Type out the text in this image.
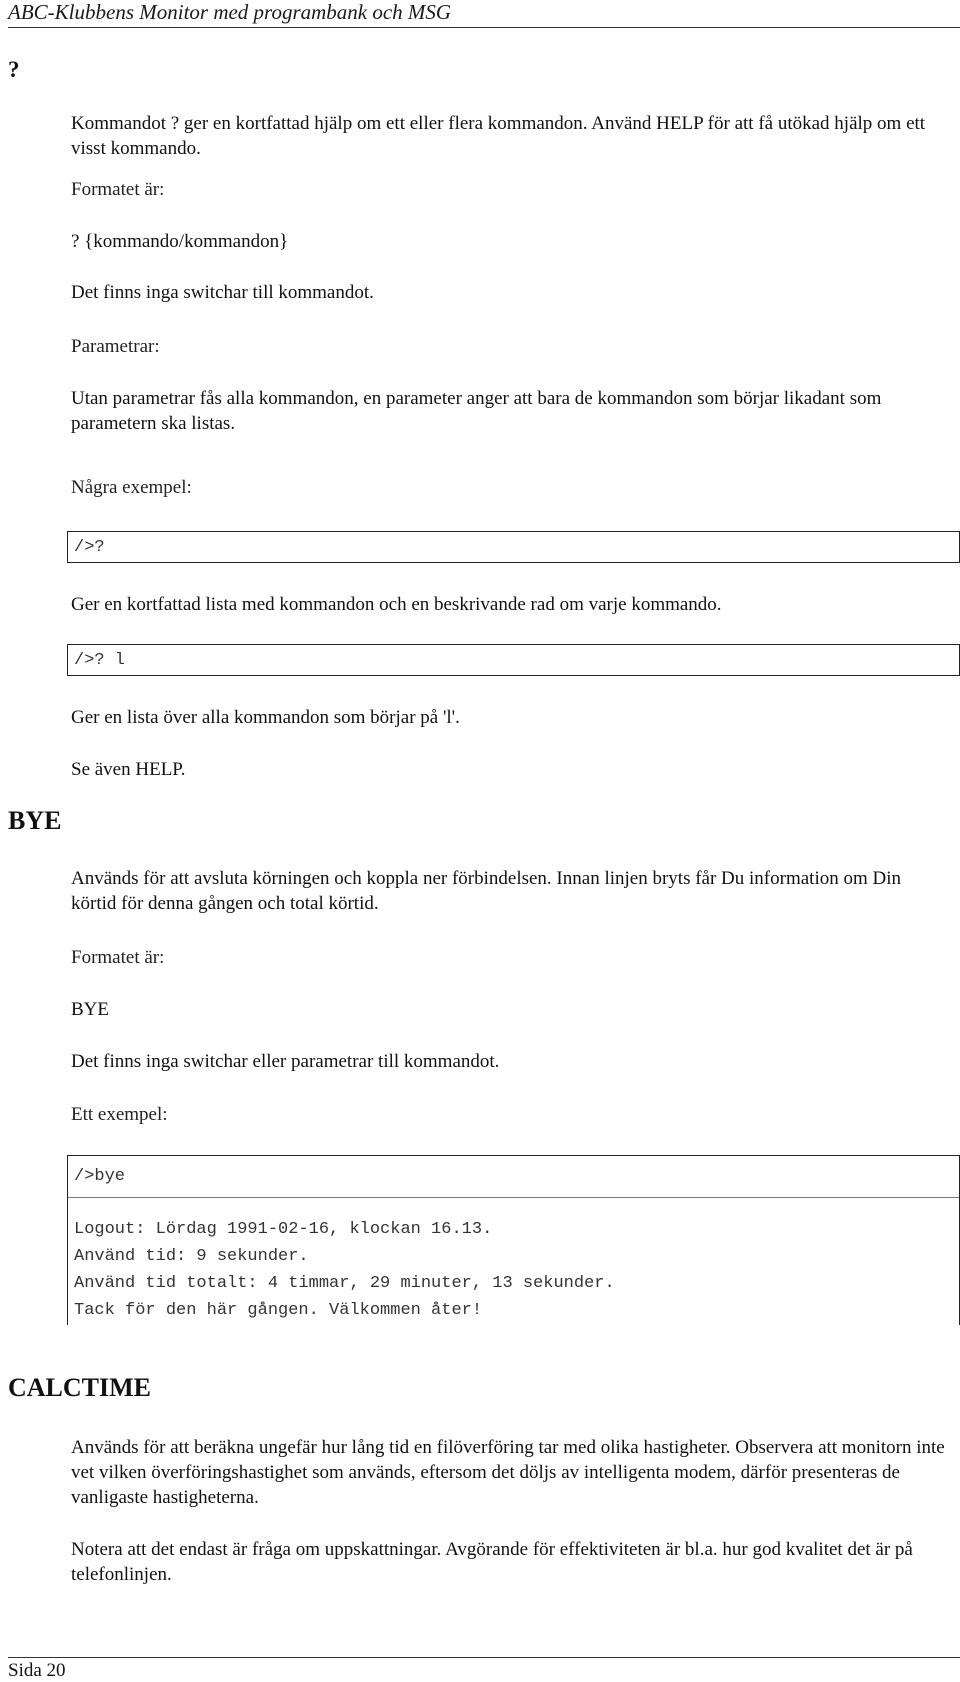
ABC-Klubbens Monitor med programbank och MSG
?
Kommandot ? ger en kortfattad hjälp om ett eller flera kommandon. Använd HELP för att få utökad hjälp om ett visst kommando.
Formatet är:
? {kommando/kommandon}
Det finns inga switchar till kommandot.
Parametrar:
Utan parametrar fås alla kommandon, en parameter anger att bara de kommandon som börjar likadant som parametern ska listas.
Några exempel:
/>?
Ger en kortfattad lista med kommandon och en beskrivande rad om varje kommando.
/>? l
Ger en lista över alla kommandon som börjar på 'l'.
Se även HELP.
BYE
Används för att avsluta körningen och koppla ner förbindelsen. Innan linjen bryts får Du information om Din körtid för denna gången och total körtid.
Formatet är:
BYE
Det finns inga switchar eller parametrar till kommandot.
Ett exempel:
/>bye
Logout: Lördag 1991-02-16, klockan 16.13.
Använd tid: 9 sekunder.
Använd tid totalt: 4 timmar, 29 minuter, 13 sekunder.
Tack för den här gången. Välkommen åter!
CALCTIME
Används för att beräkna ungefär hur lång tid en filöverföring tar med olika hastigheter. Observera att monitorn inte vet vilken överföringshastighet som används, eftersom det döljs av intelligenta modem, därför presenteras de vanligaste hastigheterna.
Notera att det endast är fråga om uppskattningar. Avgörande för effektiviteten är bl.a. hur god kvalitet det är på telefonlinjen.
Sida 20
